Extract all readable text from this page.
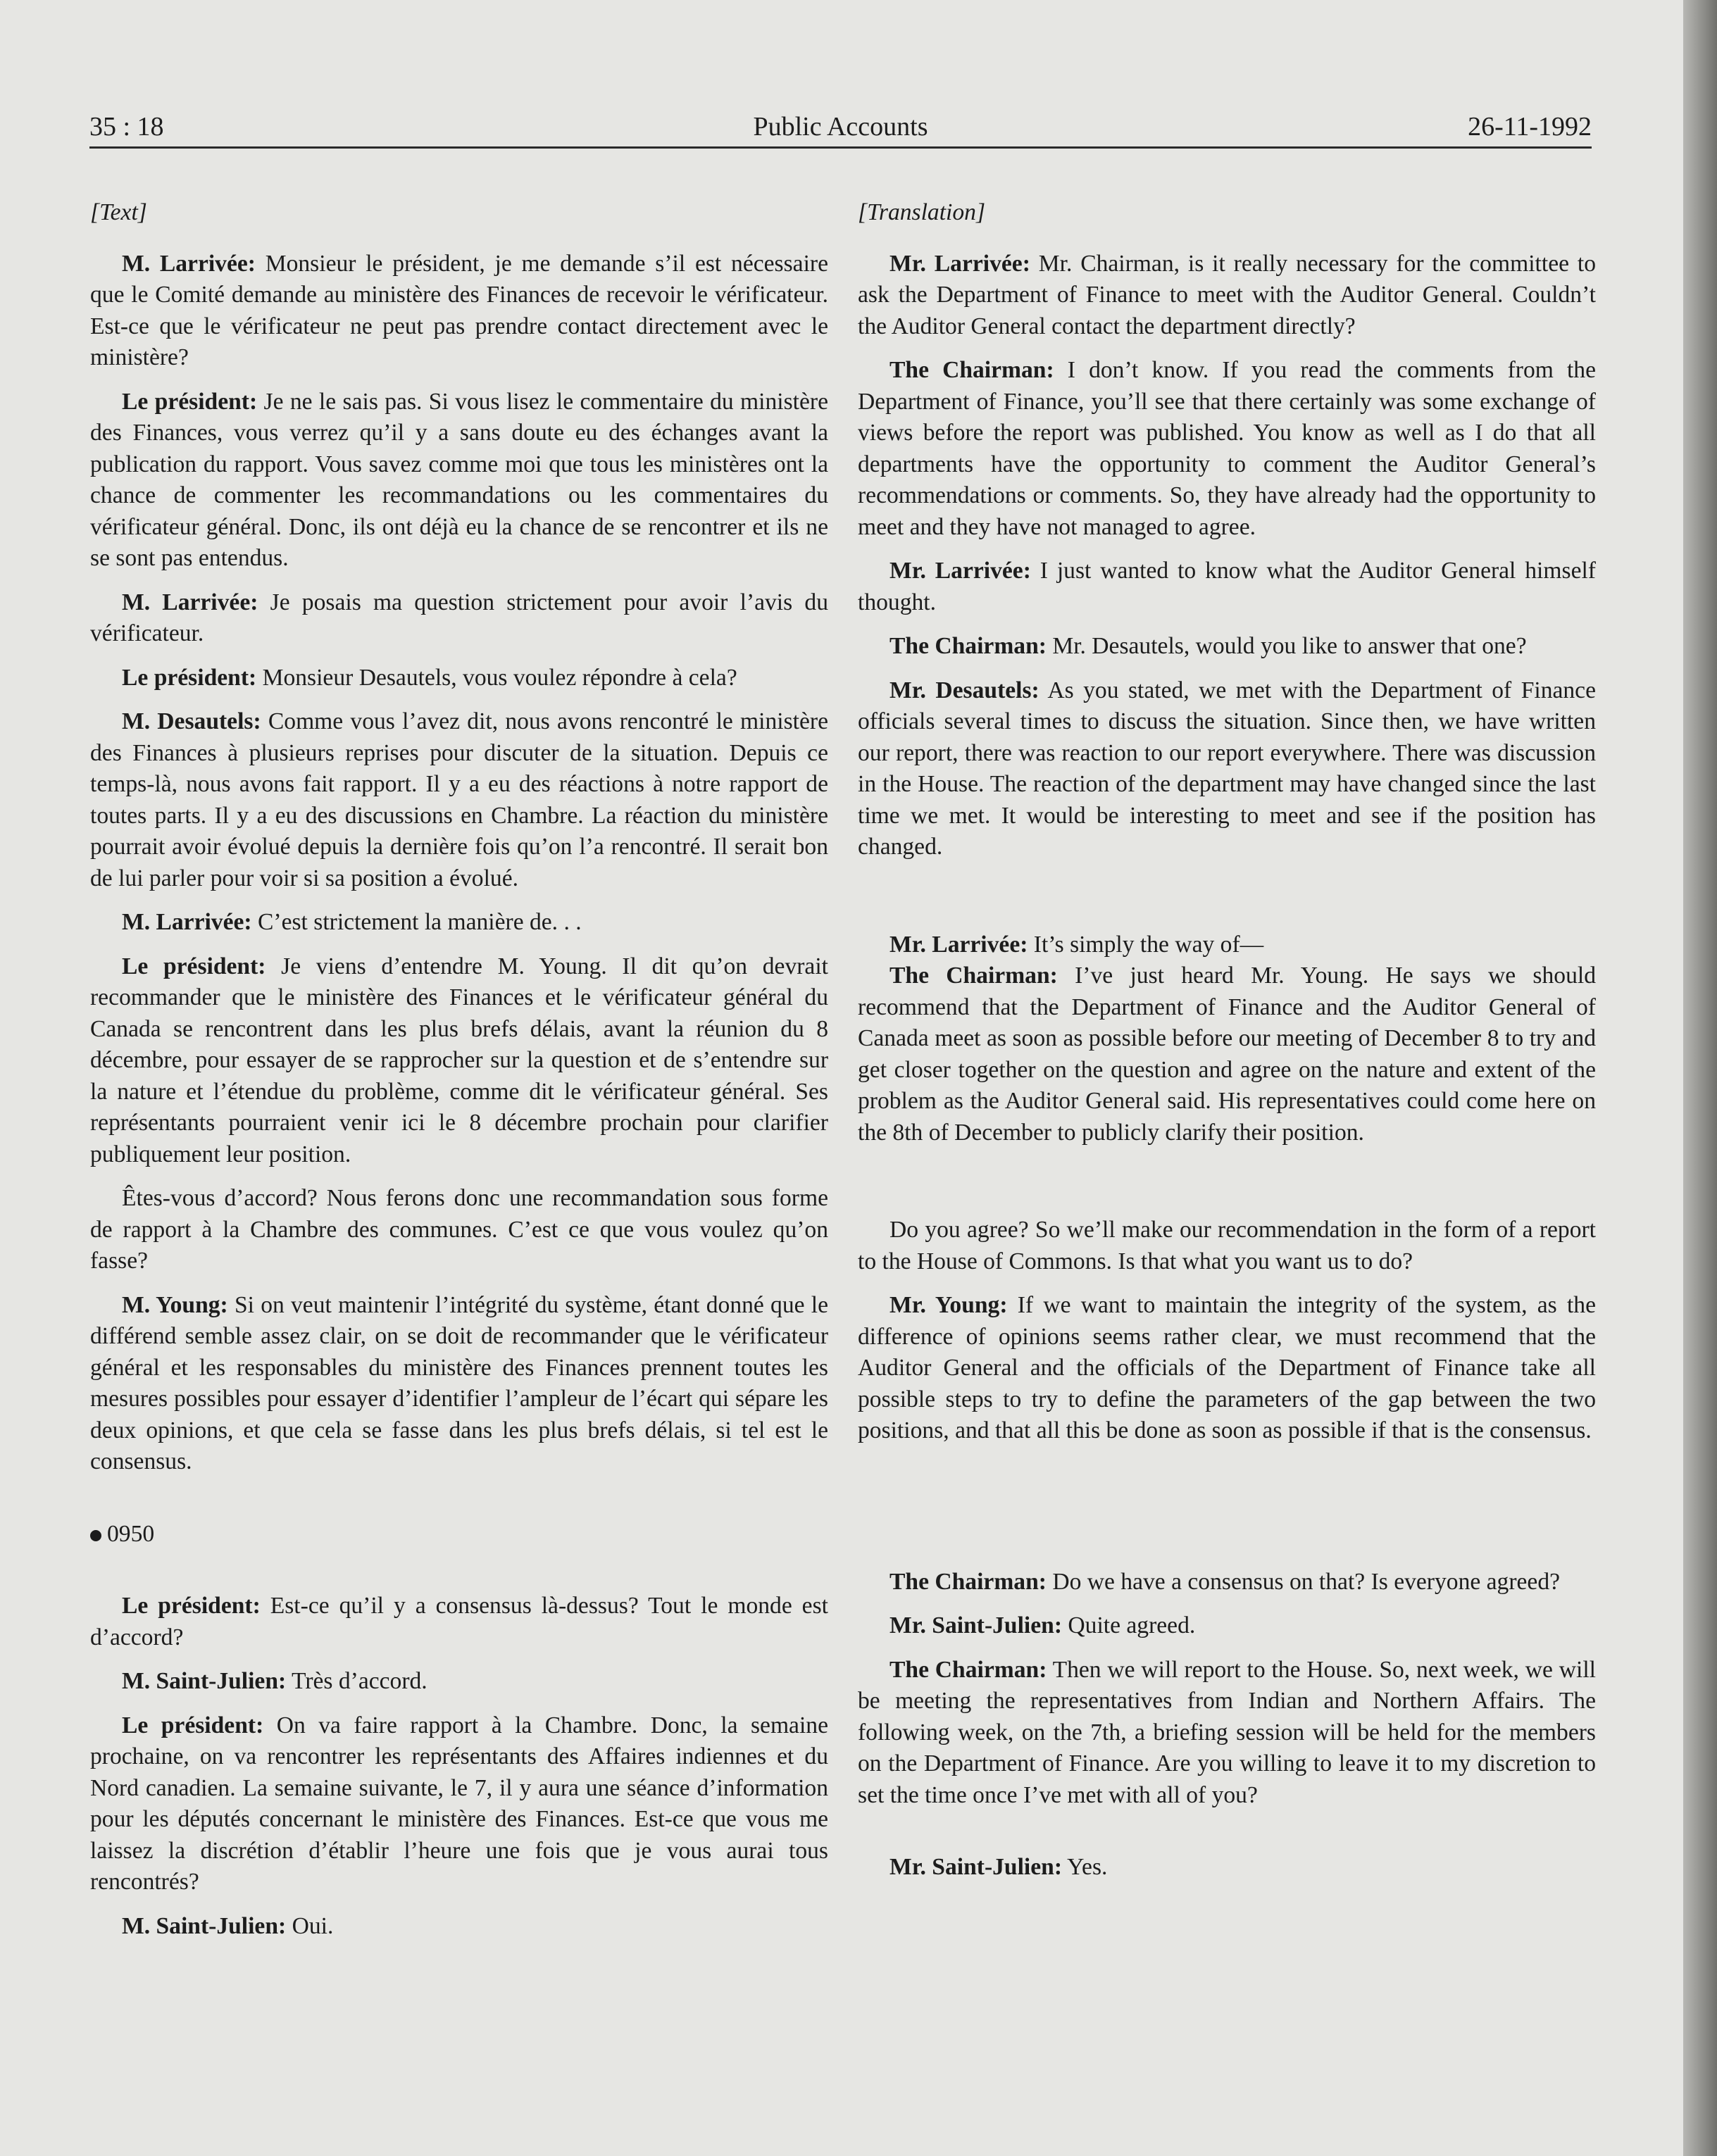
35 : 18	Public Accounts	26-11-1992

[Text]

M. Larrivée: Monsieur le président, je me demande s’il est nécessaire que le Comité demande au ministère des Finances de recevoir le vérificateur. Est-ce que le vérificateur ne peut pas prendre contact directement avec le ministère?

Le président: Je ne le sais pas. Si vous lisez le commentaire du ministère des Finances, vous verrez qu’il y a sans doute eu des échanges avant la publication du rapport. Vous savez comme moi que tous les ministères ont la chance de commenter les recommandations ou les commentaires du vérificateur général. Donc, ils ont déjà eu la chance de se rencontrer et ils ne se sont pas entendus.

M. Larrivée: Je posais ma question strictement pour avoir l’avis du vérificateur.

Le président: Monsieur Desautels, vous voulez répondre à cela?

M. Desautels: Comme vous l’avez dit, nous avons rencontré le ministère des Finances à plusieurs reprises pour discuter de la situation. Depuis ce temps-là, nous avons fait rapport. Il y a eu des réactions à notre rapport de toutes parts. Il y a eu des discussions en Chambre. La réaction du ministère pourrait avoir évolué depuis la dernière fois qu’on l’a rencontré. Il serait bon de lui parler pour voir si sa position a évolué.

M. Larrivée: C’est strictement la manière de. . .

Le président: Je viens d’entendre M. Young. Il dit qu’on devrait recommander que le ministère des Finances et le vérificateur général du Canada se rencontrent dans les plus brefs délais, avant la réunion du 8 décembre, pour essayer de se rapprocher sur la question et de s’entendre sur la nature et l’étendue du problème, comme dit le vérificateur général. Ses représentants pourraient venir ici le 8 décembre prochain pour clarifier publiquement leur position.

Êtes-vous d’accord? Nous ferons donc une recommandation sous forme de rapport à la Chambre des communes. C’est ce que vous voulez qu’on fasse?

M. Young: Si on veut maintenir l’intégrité du système, étant donné que le différend semble assez clair, on se doit de recommander que le vérificateur général et les responsables du ministère des Finances prennent toutes les mesures possibles pour essayer d’identifier l’ampleur de l’écart qui sépare les deux opinions, et que cela se fasse dans les plus brefs délais, si tel est le consensus.

0950

Le président: Est-ce qu’il y a consensus là-dessus? Tout le monde est d’accord?

M. Saint-Julien: Très d’accord.

Le président: On va faire rapport à la Chambre. Donc, la semaine prochaine, on va rencontrer les représentants des Affaires indiennes et du Nord canadien. La semaine suivante, le 7, il y aura une séance d’information pour les députés concernant le ministère des Finances. Est-ce que vous me laissez la discrétion d’établir l’heure une fois que je vous aurai tous rencontrés?

M. Saint-Julien: Oui.

[Translation]

Mr. Larrivée: Mr. Chairman, is it really necessary for the committee to ask the Department of Finance to meet with the Auditor General. Couldn’t the Auditor General contact the department directly?

The Chairman: I don’t know. If you read the comments from the Department of Finance, you’ll see that there certainly was some exchange of views before the report was published. You know as well as I do that all departments have the opportunity to comment the Auditor General’s recommendations or comments. So, they have already had the opportunity to meet and they have not managed to agree.

Mr. Larrivée: I just wanted to know what the Auditor General himself thought.

The Chairman: Mr. Desautels, would you like to answer that one?

Mr. Desautels: As you stated, we met with the Department of Finance officials several times to discuss the situation. Since then, we have written our report, there was reaction to our report everywhere. There was discussion in the House. The reaction of the department may have changed since the last time we met. It would be interesting to meet and see if the position has changed.

Mr. Larrivée: It’s simply the way of—

The Chairman: I’ve just heard Mr. Young. He says we should recommend that the Department of Finance and the Auditor General of Canada meet as soon as possible before our meeting of December 8 to try and get closer together on the question and agree on the nature and extent of the problem as the Auditor General said. His representatives could come here on the 8th of December to publicly clarify their position.

Do you agree? So we’ll make our recommendation in the form of a report to the House of Commons. Is that what you want us to do?

Mr. Young: If we want to maintain the integrity of the system, as the difference of opinions seems rather clear, we must recommend that the Auditor General and the officials of the Department of Finance take all possible steps to try to define the parameters of the gap between the two positions, and that all this be done as soon as possible if that is the consensus.

The Chairman: Do we have a consensus on that? Is everyone agreed?

Mr. Saint-Julien: Quite agreed.

The Chairman: Then we will report to the House. So, next week, we will be meeting the representatives from Indian and Northern Affairs. The following week, on the 7th, a briefing session will be held for the members on the Department of Finance. Are you willing to leave it to my discretion to set the time once I’ve met with all of you?

Mr. Saint-Julien: Yes.
